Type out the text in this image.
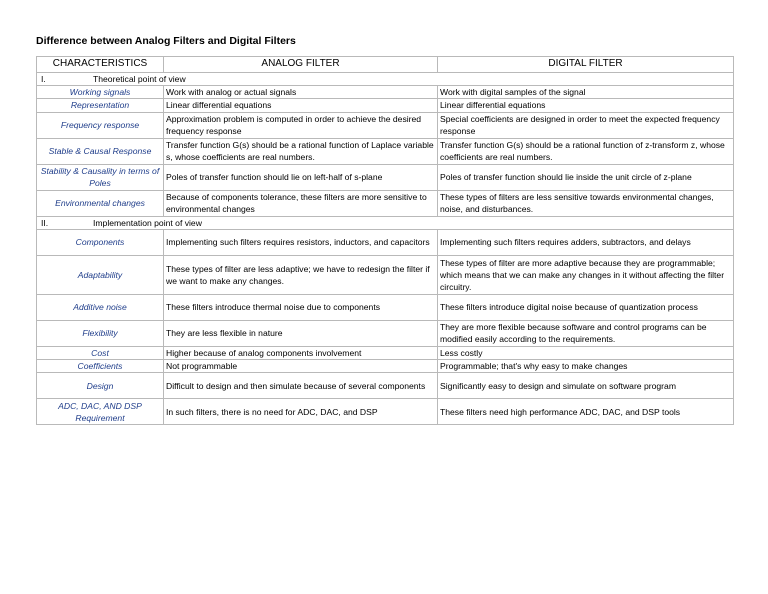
Difference between Analog Filters and Digital Filters
CHARACTERISTICS	ANALOG FILTER	DIGITAL FILTER
I. Theoretical point of view		
Working signals	Work with analog or actual signals	Work with digital samples of the signal
Representation	Linear differential equations	Linear differential equations
Frequency response	Approximation problem is computed in order to achieve the desired frequency response	Special coefficients are designed in order to meet the expected frequency response
Stable & Causal Response	Transfer function G(s) should be a rational function of Laplace variable s, whose coefficients are real numbers.	Transfer function G(s) should be a rational function of z-transform z, whose coefficients are real numbers.
Stability & Causality in terms of Poles	Poles of transfer function should lie on left-half of s-plane	Poles of transfer function should lie inside the unit circle of z-plane
Environmental changes	Because of components tolerance, these filters are more sensitive to environmental changes	These types of filters are less sensitive towards environmental changes, noise, and disturbances.
II. Implementation point of view		
Components	Implementing such filters requires resistors, inductors, and capacitors	Implementing such filters requires adders, subtractors, and delays
Adaptability	These types of filter are less adaptive; we have to redesign the filter if we want to make any changes.	These types of filter are more adaptive because they are programmable; which means that we can make any changes in it without affecting the filter circuitry.
Additive noise	These filters introduce thermal noise due to components	These filters introduce digital noise because of quantization process
Flexibility	They are less flexible in nature	They are more flexible because software and control programs can be modified easily according to the requirements.
Cost	Higher because of analog components involvement	Less costly
Coefficients	Not programmable	Programmable; that's why easy to make changes
Design	Difficult to design and then simulate because of several components	Significantly easy to design and simulate on software program
ADC, DAC, AND DSP Requirement	In such filters, there is no need for ADC, DAC, and DSP	These filters need high performance ADC, DAC, and DSP tools
